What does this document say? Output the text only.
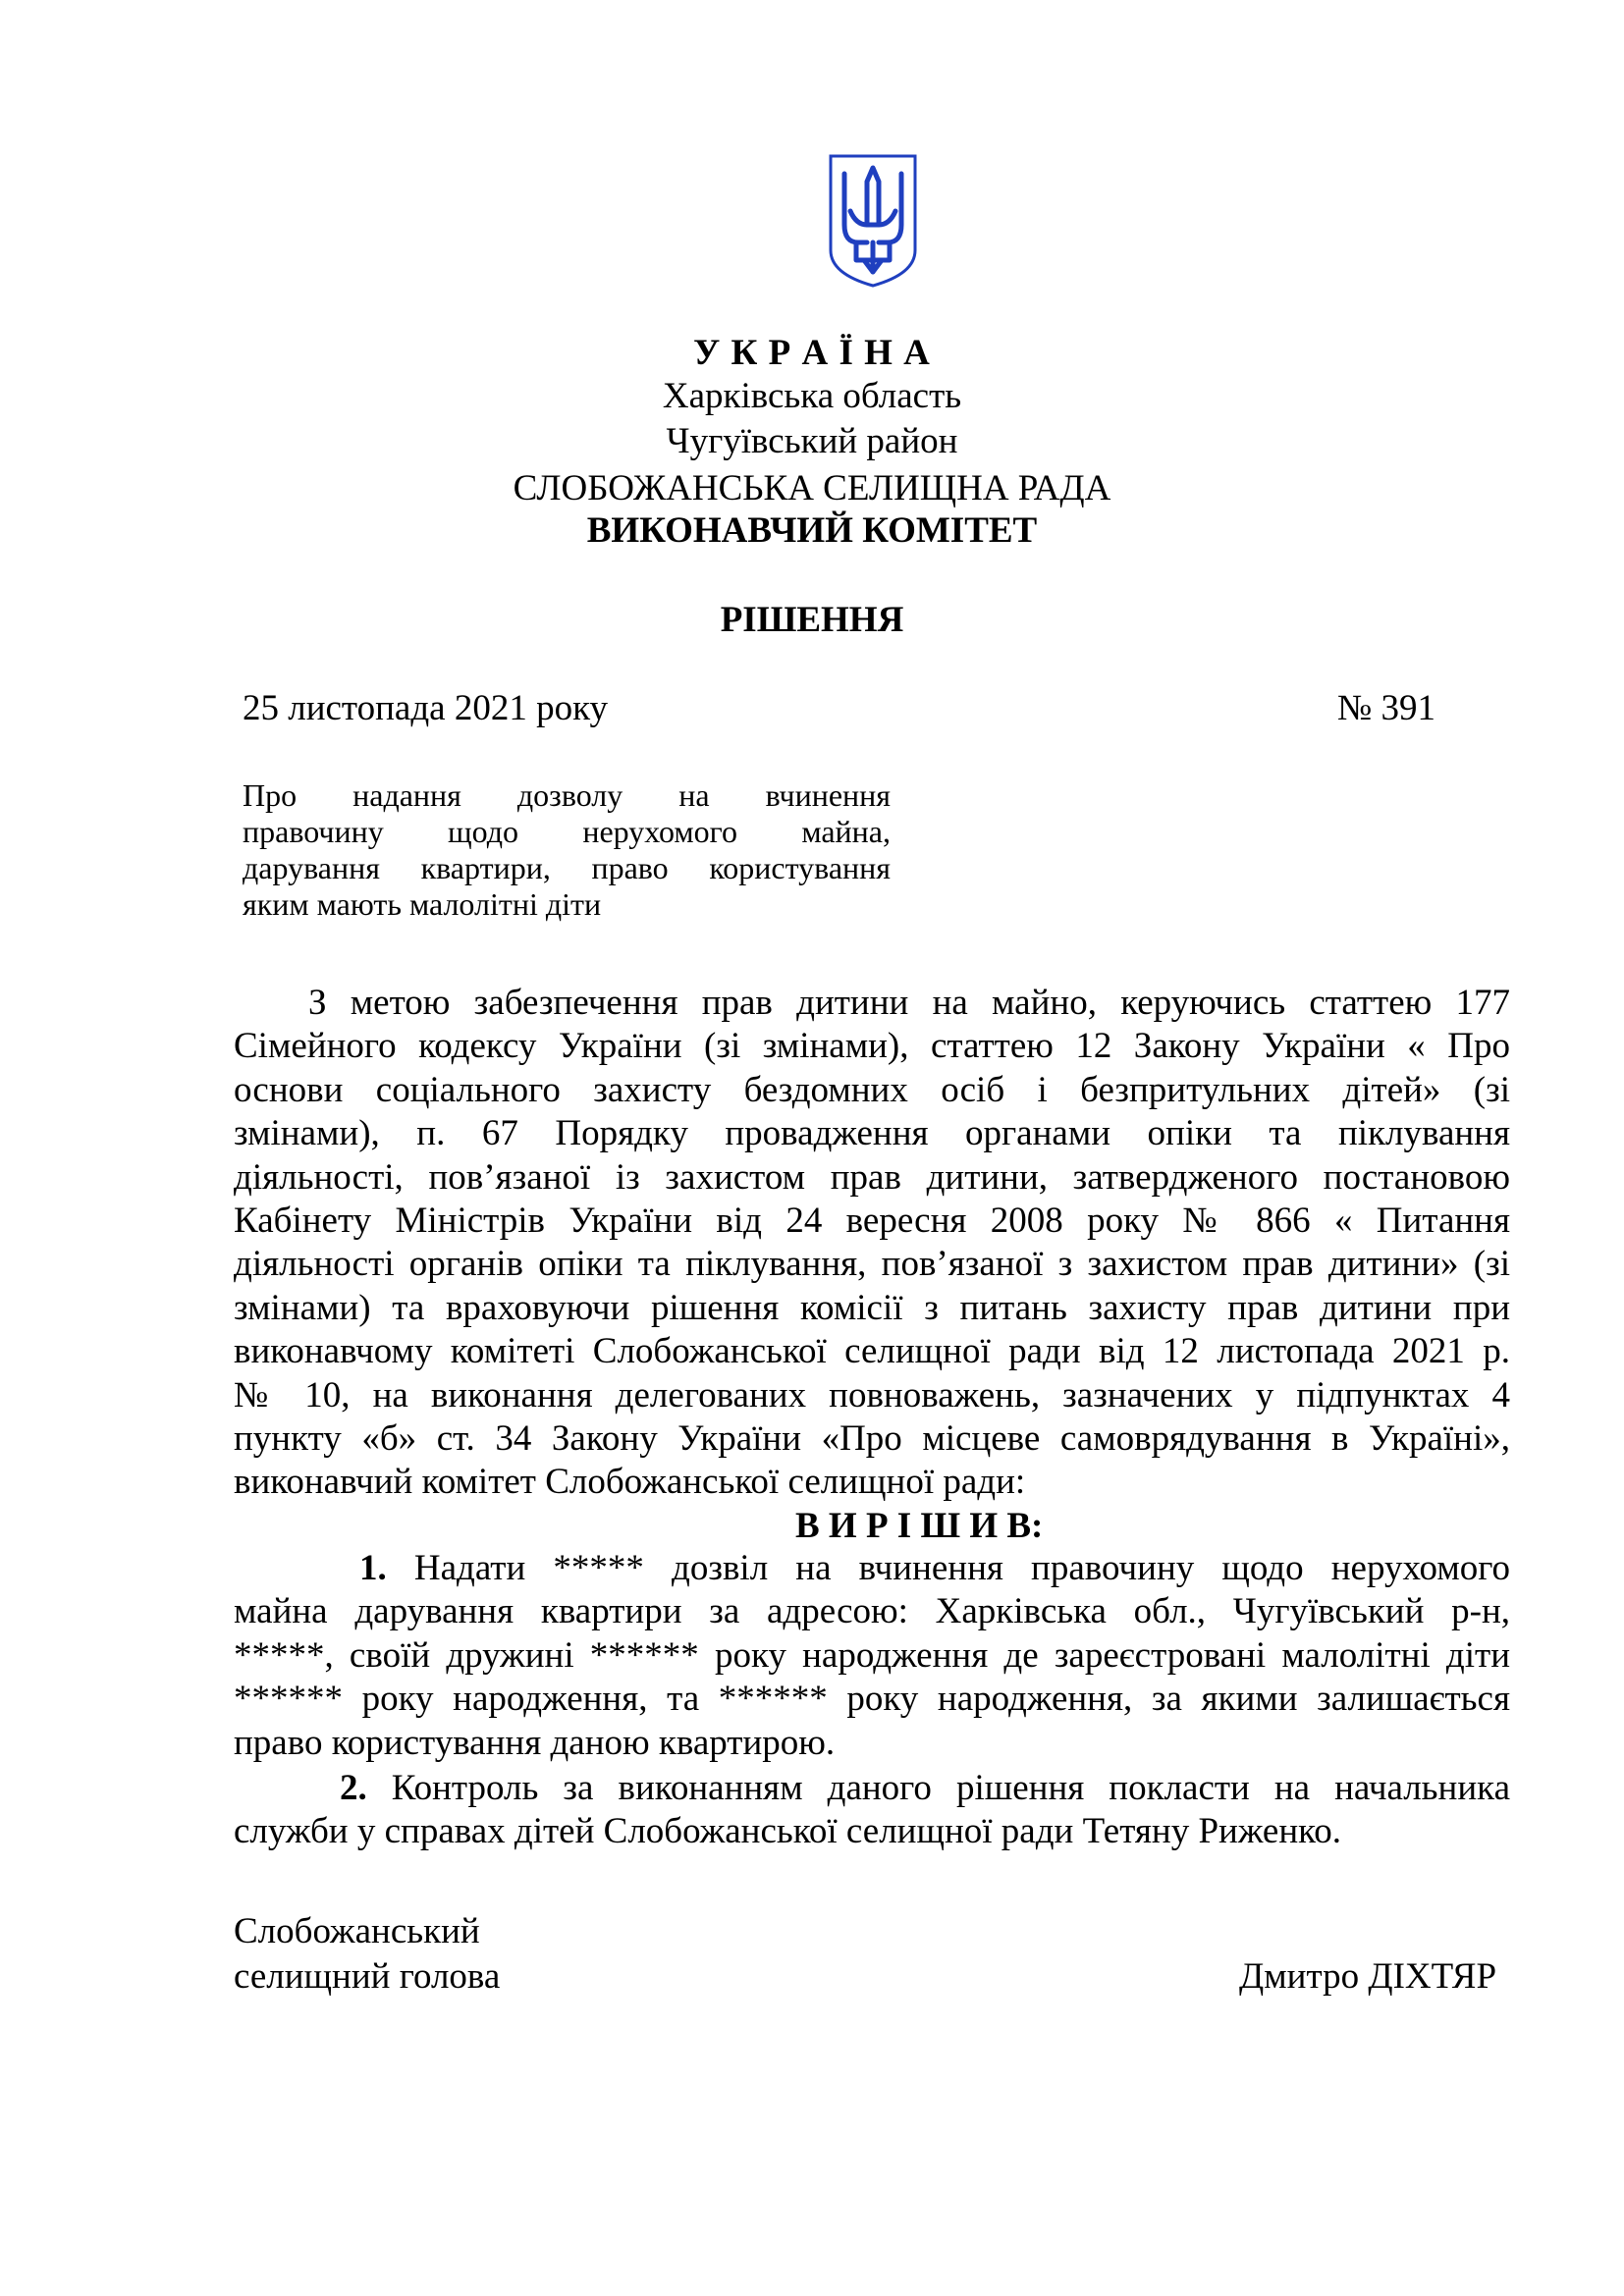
У К Р А Ї Н А
Харківська область
Чугуївський район
СЛОБОЖАНСЬКА СЕЛИЩНА РАДА
ВИКОНАВЧИЙ КОМІТЕТ
РІШЕННЯ
25 листопада 2021 року	№ 391
Про надання дозволу на вчинення
правочину щодо нерухомого майна,
дарування квартири, право користування
яким мають малолітні діти
З метою забезпечення прав дитини на майно, керуючись статтею 177
Сімейного кодексу України (зі змінами), статтею 12 Закону України « Про
основи соціального захисту бездомних осіб і безпритульних дітей» (зі
змінами), п. 67 Порядку провадження органами опіки та піклування
діяльності, пов’язаної із захистом прав дитини, затвердженого постановою
Кабінету Міністрів України від 24 вересня 2008 року № 866 « Питання
діяльності органів опіки та піклування, пов’язаної з захистом прав дитини» (зі
змінами) та враховуючи рішення комісії з питань захисту прав дитини при
виконавчому комітеті Слобожанської селищної ради від 12 листопада 2021 р.
№ 10, на виконання делегованих повноважень, зазначених у підпунктах 4
пункту «б» ст. 34 Закону України «Про місцеве самоврядування в Україні»,
виконавчий комітет Слобожанської селищної ради:
В И Р І Ш И В:
1. Надати ***** дозвіл на вчинення правочину щодо нерухомого
майна дарування квартири за адресою: Харківська обл., Чугуївський р-н,
*****, своїй дружині ****** року народження де зареєстровані малолітні діти
****** року народження, та ****** року народження, за якими залишається
право користування даною квартирою.
2. Контроль за виконанням даного рішення покласти на начальника
служби у справах дітей Слобожанської селищної ради Тетяну Риженко.
Слобожанський
селищний голова	Дмитро ДІХТЯР
